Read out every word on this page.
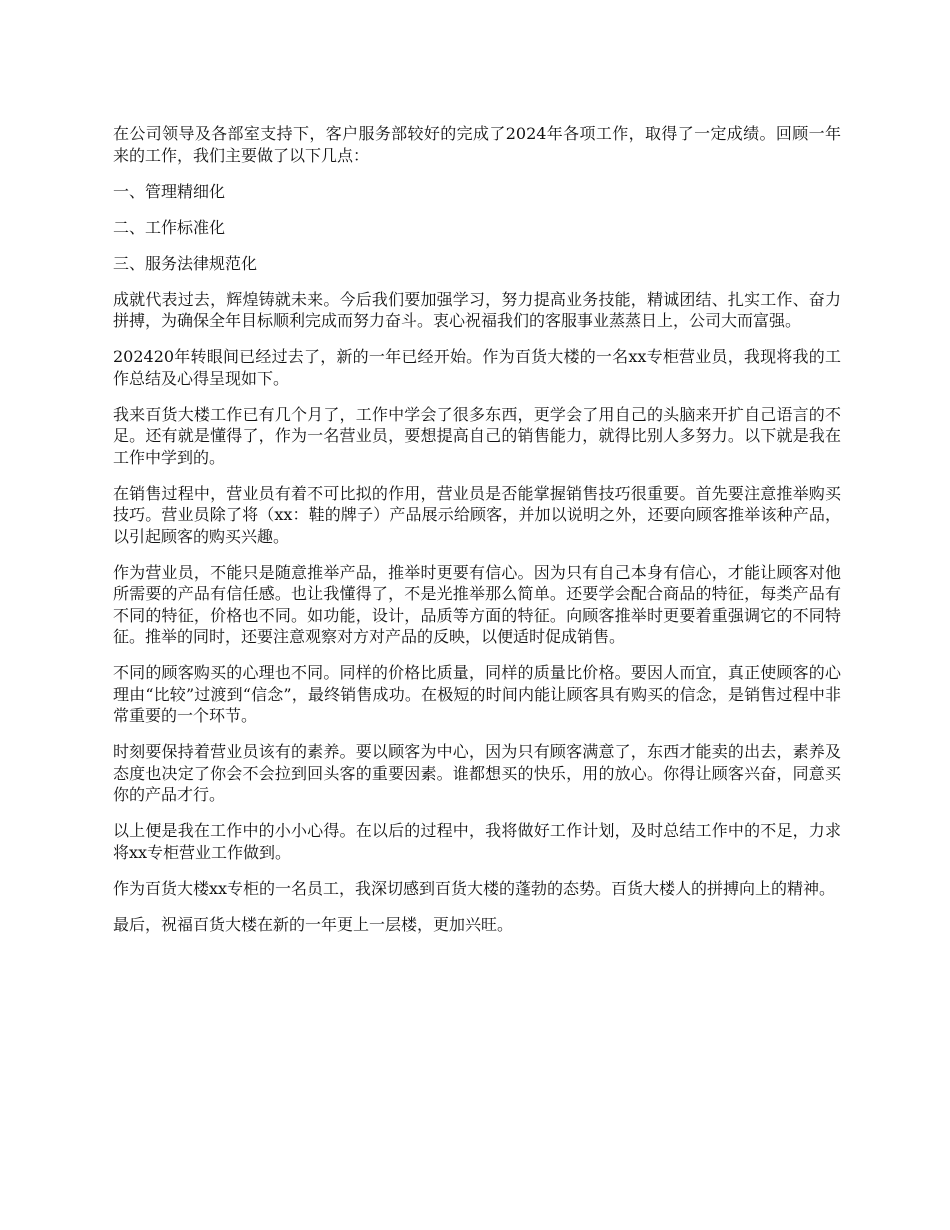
在公司领导及各部室支持下，客户服务部较好的完成了2024年各项工作，取得了一定成绩。回顾一年来的工作，我们主要做了以下几点：

一、管理精细化

二、工作标准化

三、服务法律规范化

成就代表过去，辉煌铸就未来。今后我们要加强学习，努力提高业务技能，精诚团结、扎实工作、奋力拼搏，为确保全年目标顺利完成而努力奋斗。衷心祝福我们的客服事业蒸蒸日上，公司大而富强。

202420年转眼间已经过去了，新的一年已经开始。作为百货大楼的一名xx专柜营业员，我现将我的工作总结及心得呈现如下。

我来百货大楼工作已有几个月了，工作中学会了很多东西，更学会了用自己的头脑来开扩自己语言的不足。还有就是懂得了，作为一名营业员，要想提高自己的销售能力，就得比别人多努力。以下就是我在工作中学到的。

在销售过程中，营业员有着不可比拟的作用，营业员是否能掌握销售技巧很重要。首先要注意推举购买技巧。营业员除了将（xx：鞋的牌子）产品展示给顾客，并加以说明之外，还要向顾客推举该种产品，以引起顾客的购买兴趣。

作为营业员，不能只是随意推举产品，推举时更要有信心。因为只有自己本身有信心，才能让顾客对他所需要的产品有信任感。也让我懂得了，不是光推举那么简单。还要学会配合商品的特征，每类产品有不同的特征，价格也不同。如功能，设计，品质等方面的特征。向顾客推举时更要着重强调它的不同特征。推举的同时，还要注意观察对方对产品的反映，以便适时促成销售。

不同的顾客购买的心理也不同。同样的价格比质量，同样的质量比价格。要因人而宜，真正使顾客的心理由“比较”过渡到“信念”，最终销售成功。在极短的时间内能让顾客具有购买的信念，是销售过程中非常重要的一个环节。

时刻要保持着营业员该有的素养。要以顾客为中心，因为只有顾客满意了，东西才能卖的出去，素养及态度也决定了你会不会拉到回头客的重要因素。谁都想买的快乐，用的放心。你得让顾客兴奋，同意买你的产品才行。

以上便是我在工作中的小小心得。在以后的过程中，我将做好工作计划，及时总结工作中的不足，力求将xx专柜营业工作做到。

作为百货大楼xx专柜的一名员工，我深切感到百货大楼的蓬勃的态势。百货大楼人的拼搏向上的精神。

最后，祝福百货大楼在新的一年更上一层楼，更加兴旺。
